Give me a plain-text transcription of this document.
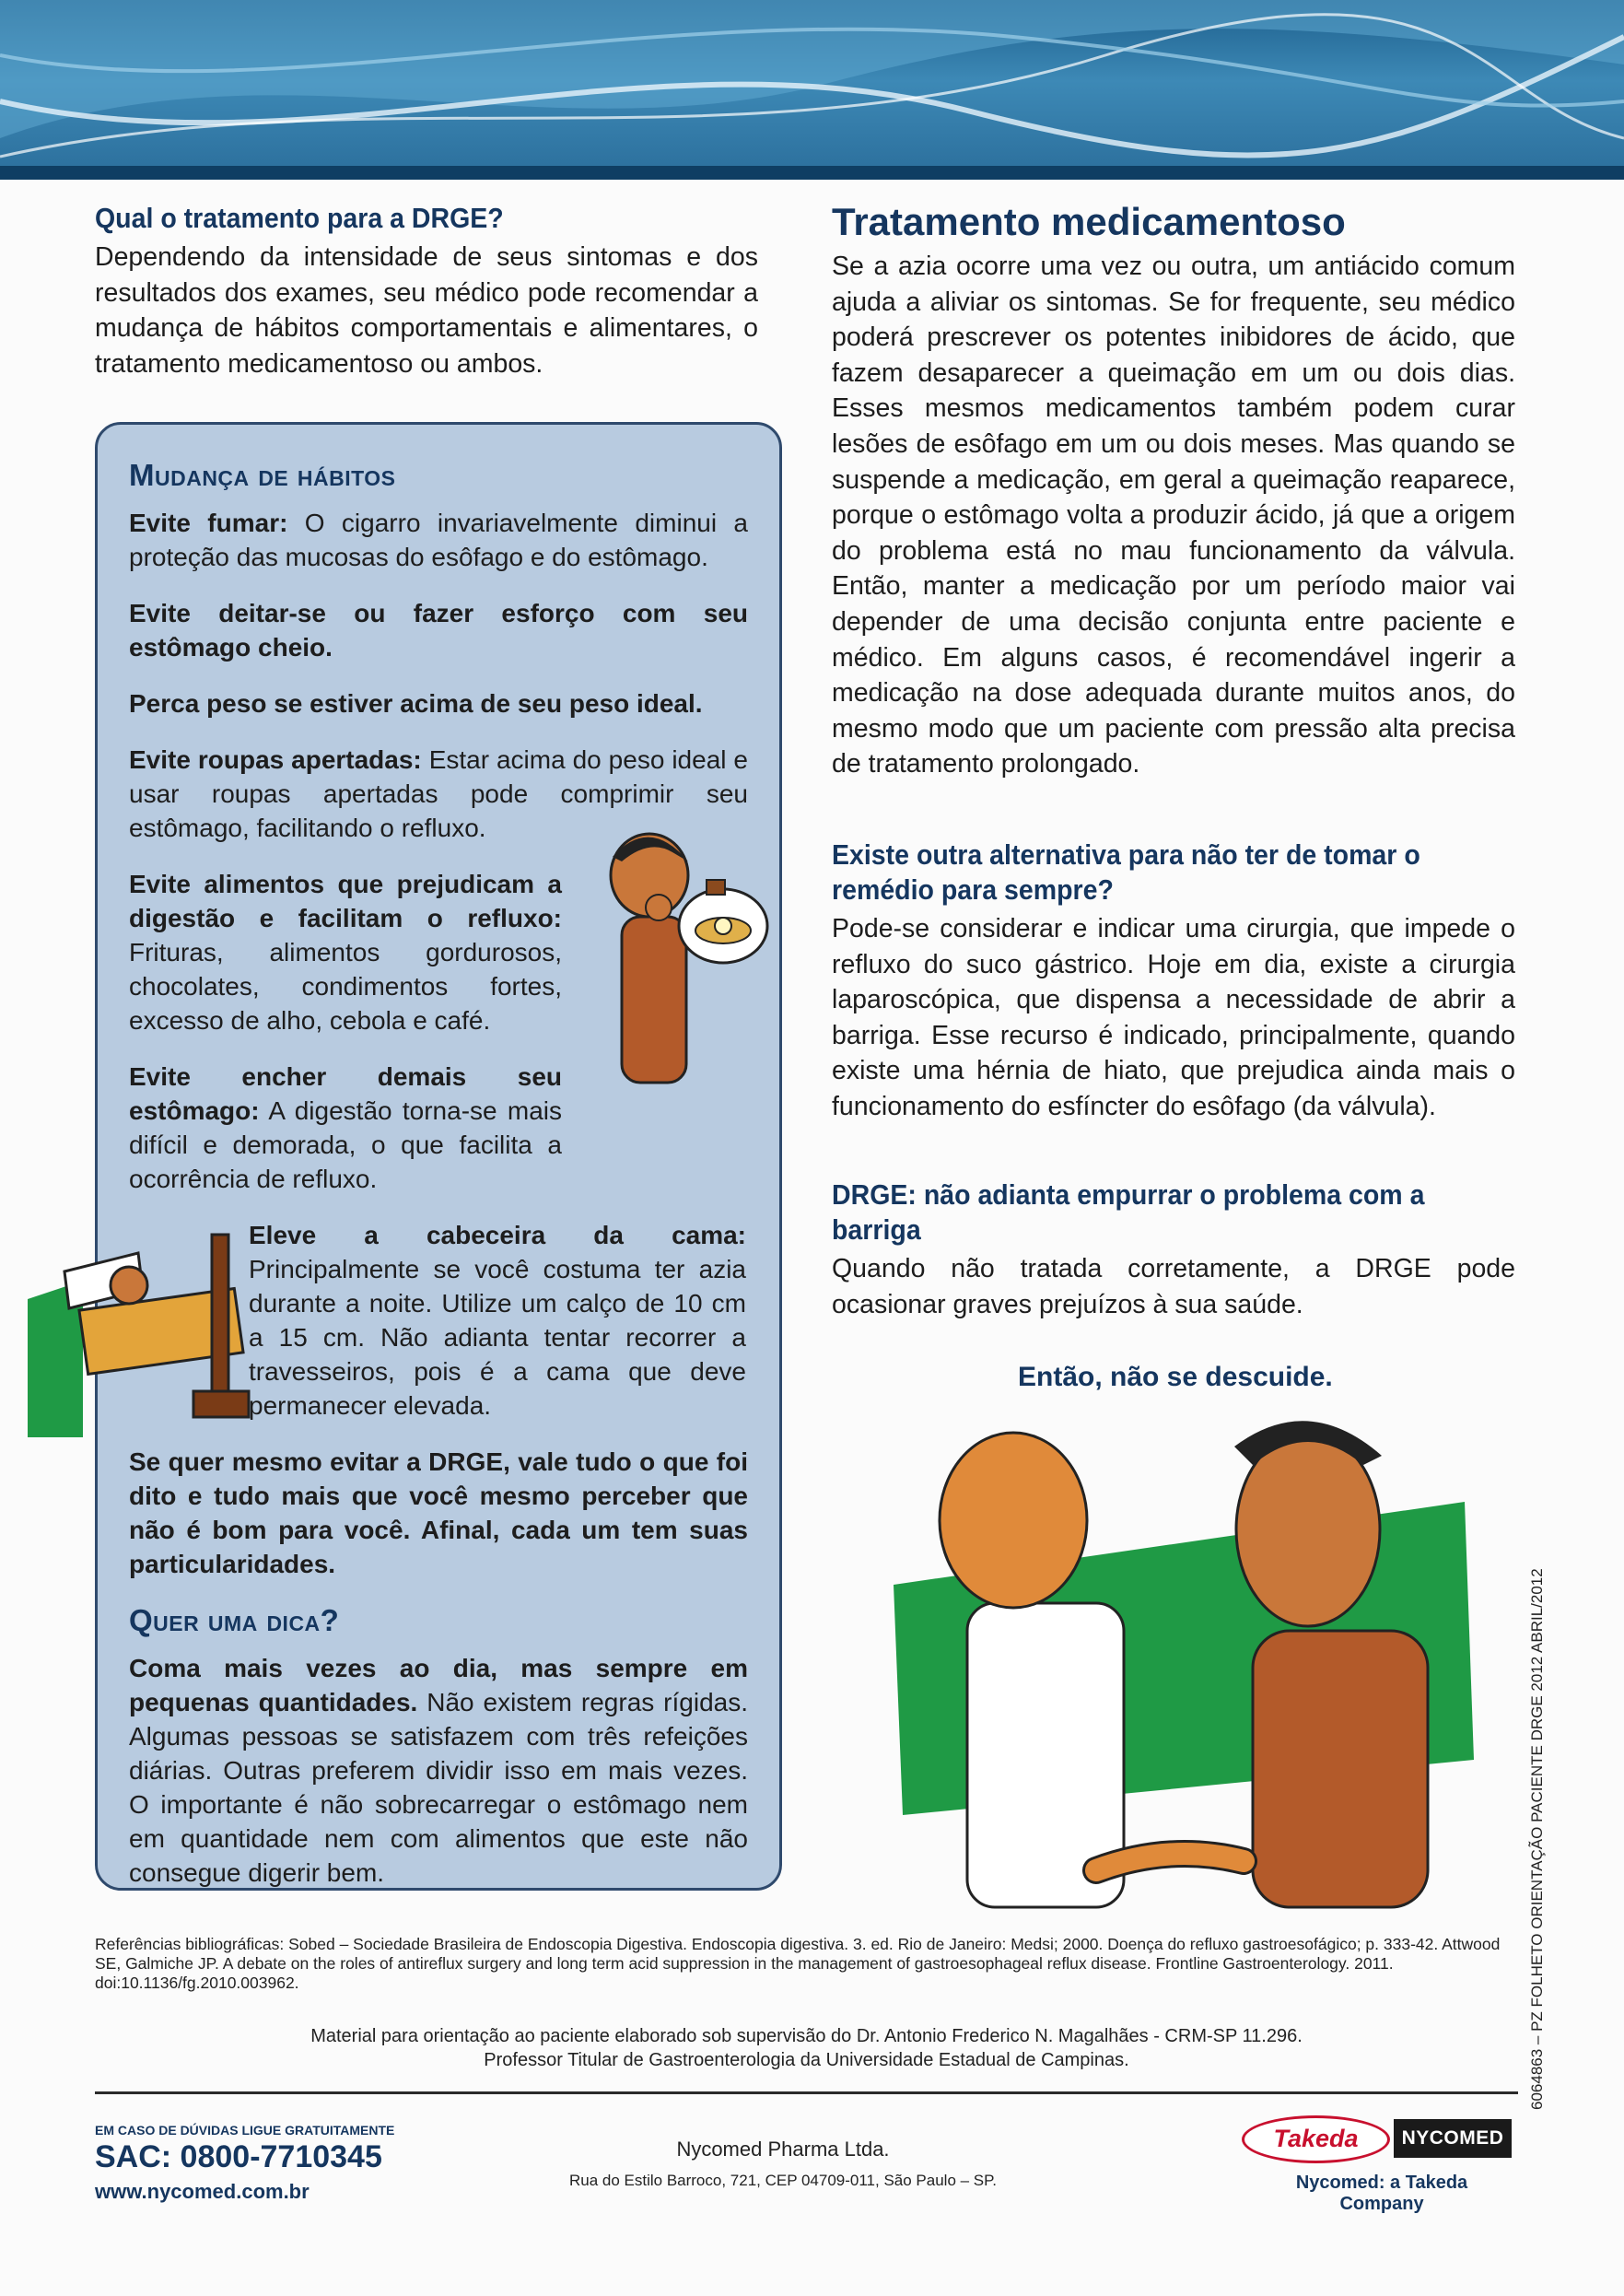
Qual o tratamento para a DRGE?

Dependendo da intensidade de seus sintomas e dos resultados dos exames, seu médico pode recomendar a mudança de hábitos comportamentais e alimentares, o tratamento medicamentoso ou ambos.

Mudança de hábitos

Evite fumar: O cigarro invariavelmente diminui a proteção das mucosas do esôfago e do estômago.

Evite deitar-se ou fazer esforço com seu estômago cheio.

Perca peso se estiver acima de seu peso ideal.

Evite roupas apertadas: Estar acima do peso ideal e usar roupas apertadas pode comprimir seu estômago, facilitando o refluxo.

Evite alimentos que prejudicam a digestão e facilitam o refluxo: Frituras, alimentos gordurosos, chocolates, condimentos fortes, excesso de alho, cebola e café.

Evite encher demais seu estômago: A digestão torna-se mais difícil e demorada, o que facilita a ocorrência de refluxo.

Eleve a cabeceira da cama: Principalmente se você costuma ter azia durante a noite. Utilize um calço de 10 cm a 15 cm. Não adianta tentar recorrer a travesseiros, pois é a cama que deve permanecer elevada.

Se quer mesmo evitar a DRGE, vale tudo o que foi dito e tudo mais que você mesmo perceber que não é bom para você. Afinal, cada um tem suas particularidades.

Quer uma dica?

Coma mais vezes ao dia, mas sempre em pequenas quantidades. Não existem regras rígidas. Algumas pessoas se satisfazem com três refeições diárias. Outras preferem dividir isso em mais vezes. O importante é não sobrecarregar o estômago nem em quantidade nem com alimentos que este não consegue digerir bem.

Tratamento medicamentoso

Se a azia ocorre uma vez ou outra, um antiácido comum ajuda a aliviar os sintomas. Se for frequente, seu médico poderá prescrever os potentes inibidores de ácido, que fazem desaparecer a queimação em um ou dois dias. Esses mesmos medicamentos também podem curar lesões de esôfago em um ou dois meses. Mas quando se suspende a medicação, em geral a queimação reaparece, porque o estômago volta a produzir ácido, já que a origem do problema está no mau funcionamento da válvula. Então, manter a medicação por um período maior vai depender de uma decisão conjunta entre paciente e médico. Em alguns casos, é recomendável ingerir a medicação na dose adequada durante muitos anos, do mesmo modo que um paciente com pressão alta precisa de tratamento prolongado.

Existe outra alternativa para não ter de tomar o remédio para sempre?

Pode-se considerar e indicar uma cirurgia, que impede o refluxo do suco gástrico. Hoje em dia, existe a cirurgia laparoscópica, que dispensa a necessidade de abrir a barriga. Esse recurso é indicado, principalmente, quando existe uma hérnia de hiato, que prejudica ainda mais o funcionamento do esfíncter do esôfago (da válvula).

DRGE: não adianta empurrar o problema com a barriga

Quando não tratada corretamente, a DRGE pode ocasionar graves prejuízos à sua saúde.

Então, não se descuide.
Referências bibliográficas: Sobed – Sociedade Brasileira de Endoscopia Digestiva. Endoscopia digestiva. 3. ed. Rio de Janeiro: Medsi; 2000. Doença do refluxo gastroesofágico; p. 333-42. Attwood SE, Galmiche JP. A debate on the roles of antireflux surgery and long term acid suppression in the management of gastroesophageal reflux disease. Frontline Gastroenterology. 2011. doi:10.1136/fg.2010.003962.
Material para orientação ao paciente elaborado sob supervisão do Dr. Antonio Frederico N. Magalhães - CRM-SP 11.296.
Professor Titular de Gastroenterologia da Universidade Estadual de Campinas.
EM CASO DE DÚVIDAS LIGUE GRATUITAMENTE
SAC: 0800-7710345
www.nycomed.com.br
Nycomed Pharma Ltda.
Rua do Estilo Barroco, 721, CEP 04709-011, São Paulo – SP.
Takeda	NYCOMED
Nycomed: a Takeda Company
6064863 – PZ FOLHETO ORIENTAÇÃO PACIENTE DRGE 2012 ABRIL/2012
